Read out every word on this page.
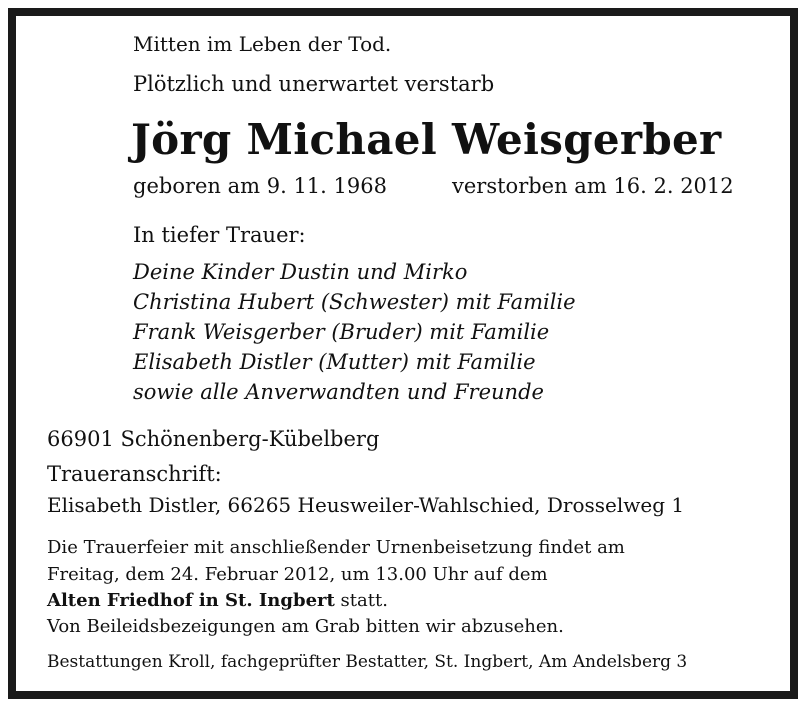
Mitten im Leben der Tod.
Plötzlich und unerwartet verstarb
Jörg Michael Weisgerber
geboren am 9. 11. 1968	verstorben am 16. 2. 2012
In tiefer Trauer:
Deine Kinder Dustin und Mirko
Christina Hubert (Schwester) mit Familie
Frank Weisgerber (Bruder) mit Familie
Elisabeth Distler (Mutter) mit Familie
sowie alle Anverwandten und Freunde
66901 Schönenberg-Kübelberg
Traueranschrift:
Elisabeth Distler, 66265 Heusweiler-Wahlschied, Drosselweg 1
Die Trauerfeier mit anschließender Urnenbeisetzung findet am
Freitag, dem 24. Februar 2012, um 13.00 Uhr auf dem
Alten Friedhof in St. Ingbert statt.
Von Beileidsbezeigungen am Grab bitten wir abzusehen.
Bestattungen Kroll, fachgeprüfter Bestatter, St. Ingbert, Am Andelsberg 3
